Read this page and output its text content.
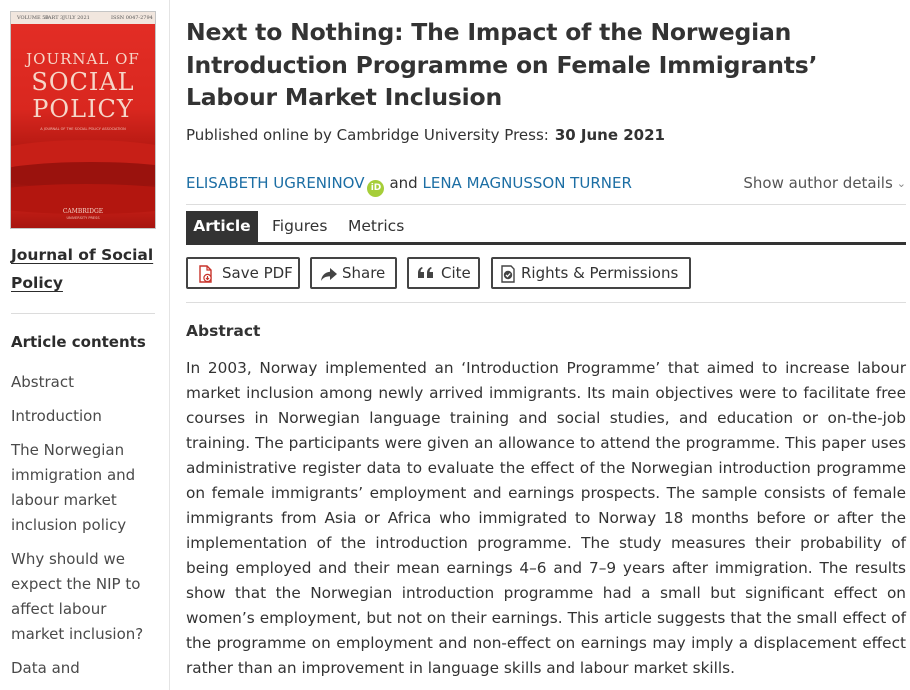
VOLUME 50
PART 3 JULY 2021	ISSN 0047-2794
JOURNAL OF
SOCIAL
POLICY
A JOURNAL OF THE SOCIAL POLICY ASSOCIATION
CAMBRIDGE
UNIVERSITY PRESS
Journal of Social Policy
Article contents
Abstract
Introduction
The Norwegian immigration and labour market inclusion policy
Why should we expect the NIP to affect labour market inclusion?
Data and
Next to Nothing: The Impact of the Norwegian Introduction Programme on Female Immigrants’ Labour Market Inclusion
Published online by Cambridge University Press: 30 June 2021
ELISABETH UGRENINOV iD and LENA MAGNUSSON TURNER	Show author details ⌄
Article	Figures Metrics
Save PDF	Share	Cite	Rights & Permissions
Abstract
In 2003, Norway implemented an ‘Introduction Programme’ that aimed to increase labour market inclusion among newly arrived immigrants. Its main objectives were to facilitate free courses in Norwegian language training and social studies, and education or on-the-job training. The participants were given an allowance to attend the programme. This paper uses administrative register data to evaluate the effect of the Norwegian introduction programme on female immigrants’ employment and earnings prospects. The sample consists of female immigrants from Asia or Africa who immigrated to Norway 18 months before or after the implementation of the introduction programme. The study measures their probability of being employed and their mean earnings 4–6 and 7–9 years after immigration. The results show that the Norwegian introduction programme had a small but significant effect on women’s employment, but not on their earnings. This article suggests that the small effect of the programme on employment and non-effect on earnings may imply a displacement effect rather than an improvement in language skills and labour market skills.
